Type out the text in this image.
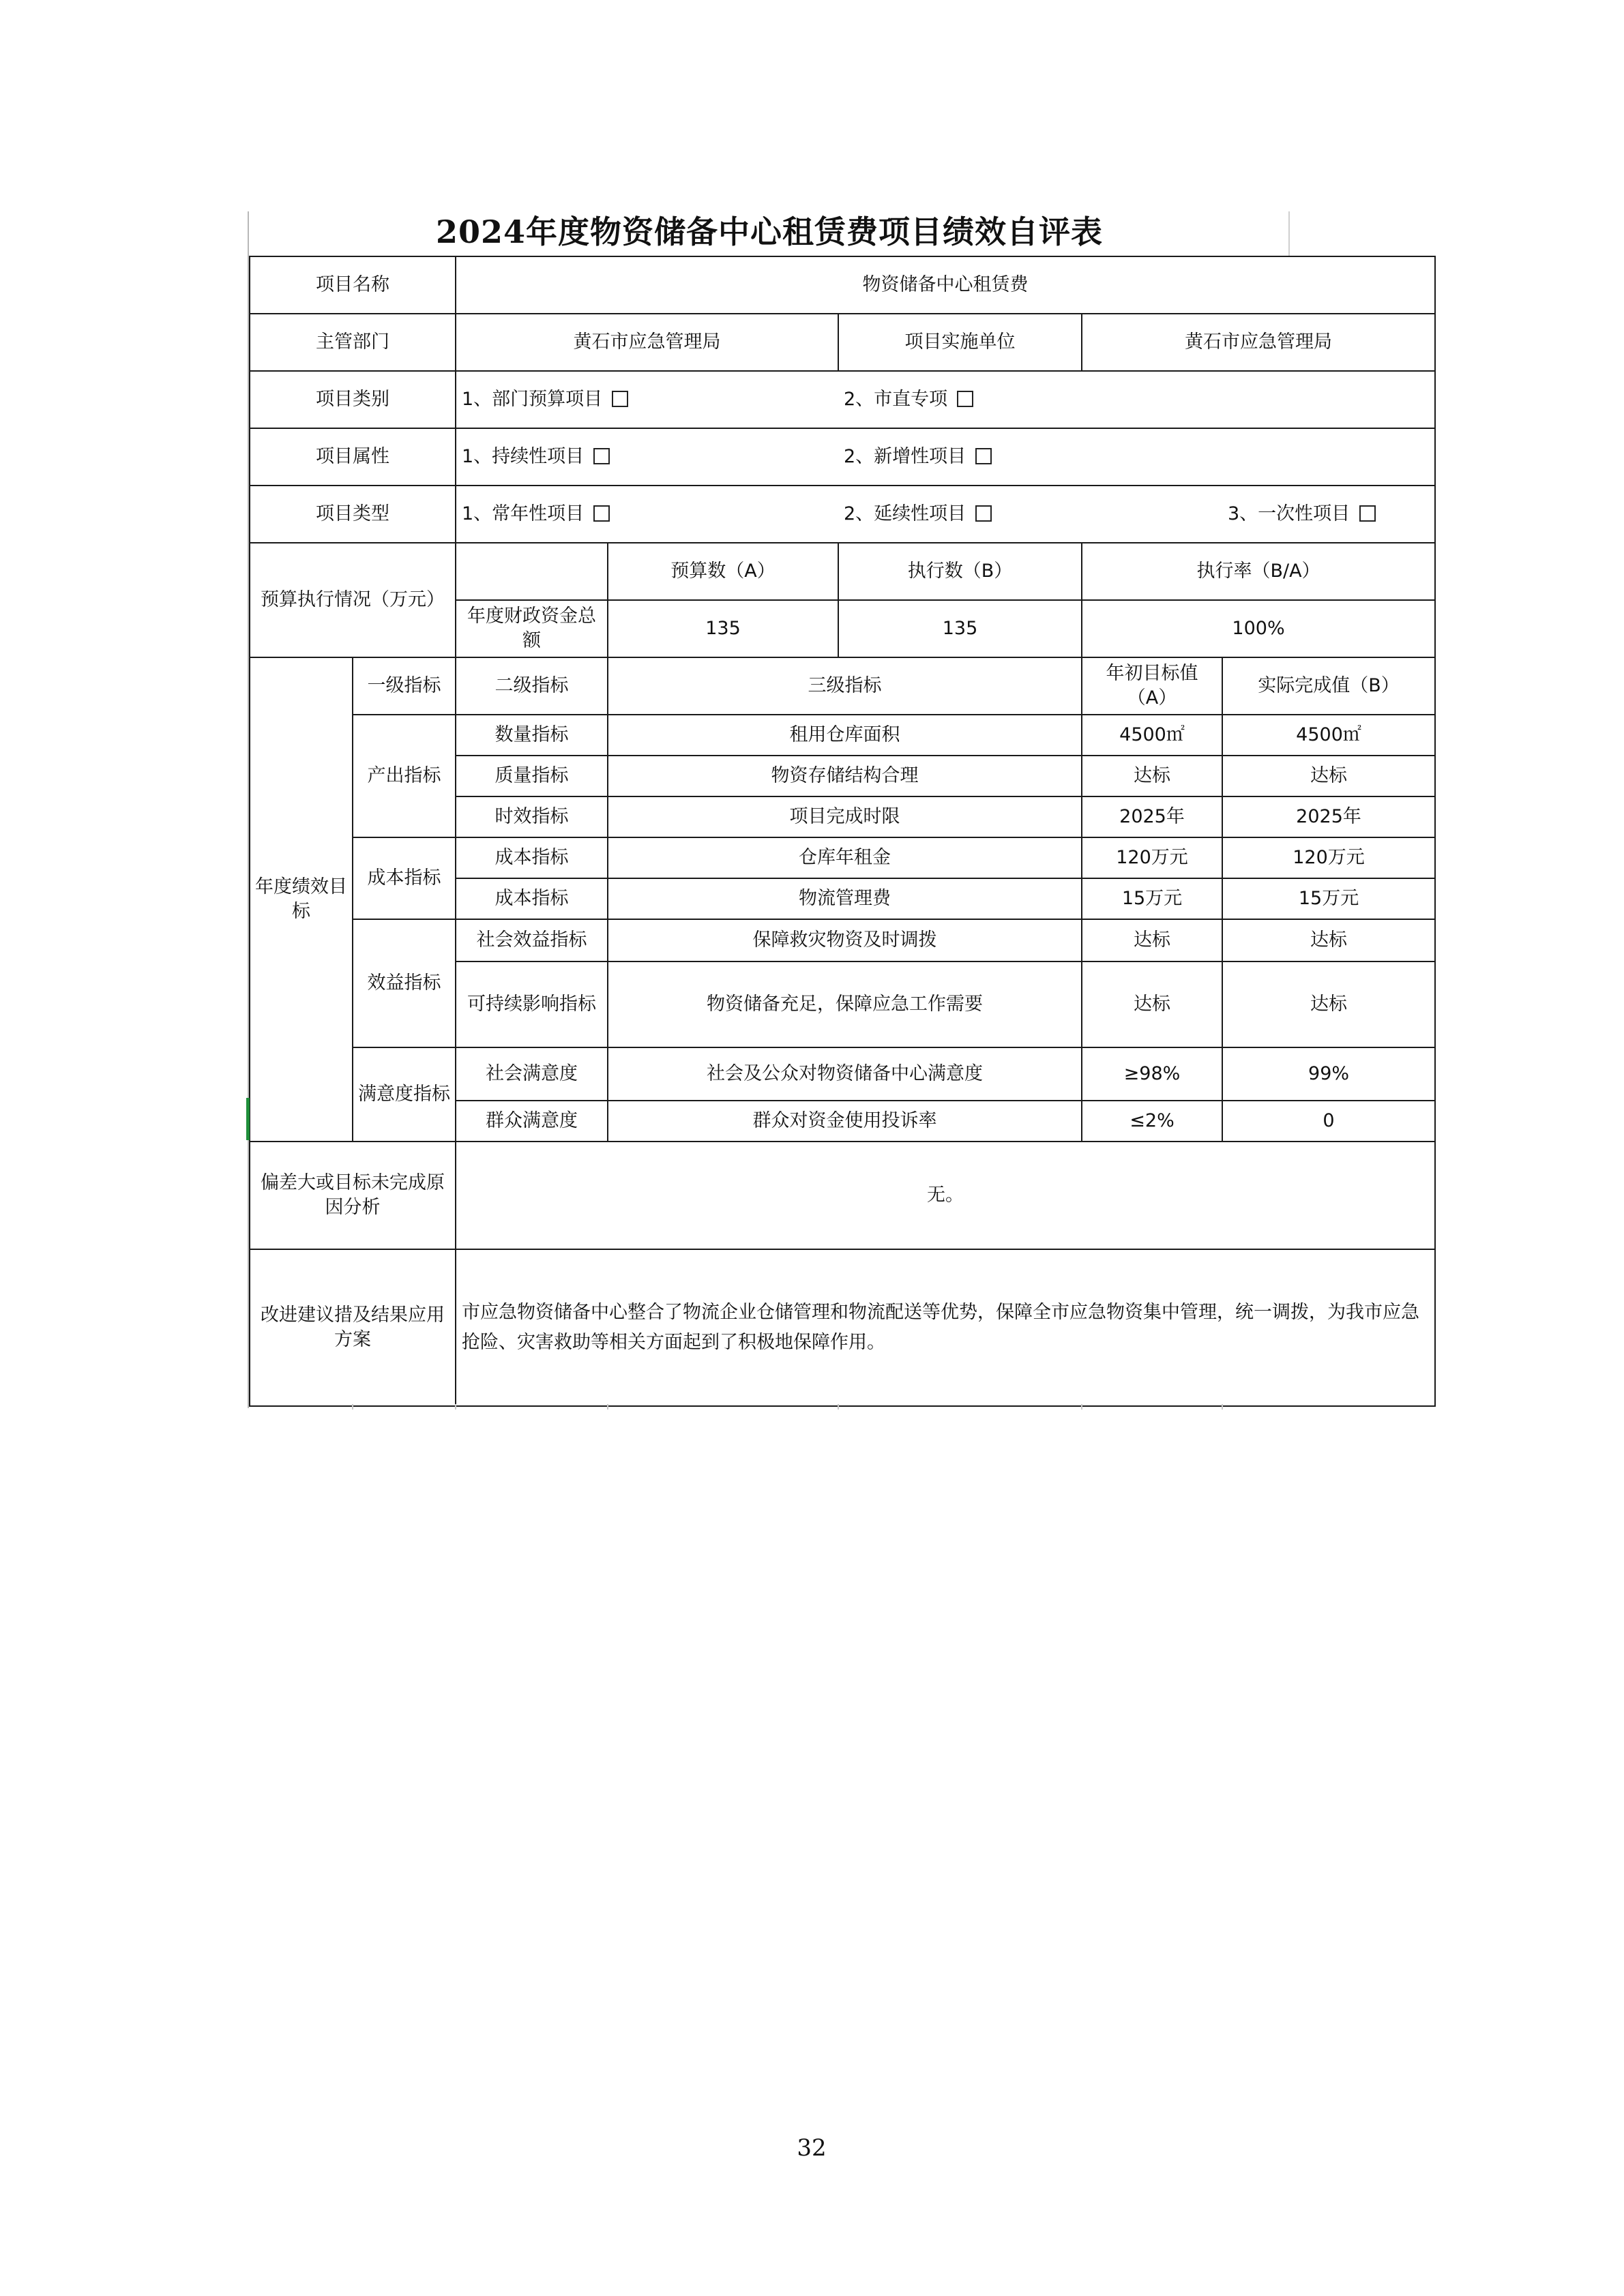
2024年度物资储备中心租赁费项目绩效自评表
项目名称		物资储备中心租赁费				
主管部门		黄石市应急管理局		项目实施单位	黄石市应急管理局	
项目类别		1、部门预算项目		2、市直专项		
项目属性		1、持续性项目		2、新增性项目		
项目类型		1、常年性项目		2、延续性项目		3、一次性项目
预算执行情况（万元）			预算数（A）	执行数（B）	执行率（B/A）	
		年度财政资金总额	135	135	100%	
年度绩效目标	一级指标	二级指标	三级指标		年初目标值（A）	实际完成值（B）
	产出指标	数量指标	租用仓库面积		4500㎡	4500㎡
		质量指标	物资存储结构合理		达标	达标
		时效指标	项目完成时限		2025年	2025年
	成本指标	成本指标	仓库年租金		120万元	120万元
		成本指标	物流管理费		15万元	15万元
	效益指标	社会效益指标	保障救灾物资及时调拨		达标	达标
		可持续影响指标	物资储备充足，保障应急工作需要		达标	达标
	满意度指标	社会满意度	社会及公众对物资储备中心满意度		≥98%	99%
		群众满意度	群众对资金使用投诉率		≤2%	0
偏差大或目标未完成原因分析		无。				
改进建议措及结果应用方案		市应急物资储备中心整合了物流企业仓储管理和物流配送等优势，保障全市应急物资集中管理，统一调拨，为我市应急抢险、灾害救助等相关方面起到了积极地保障作用。				
32
